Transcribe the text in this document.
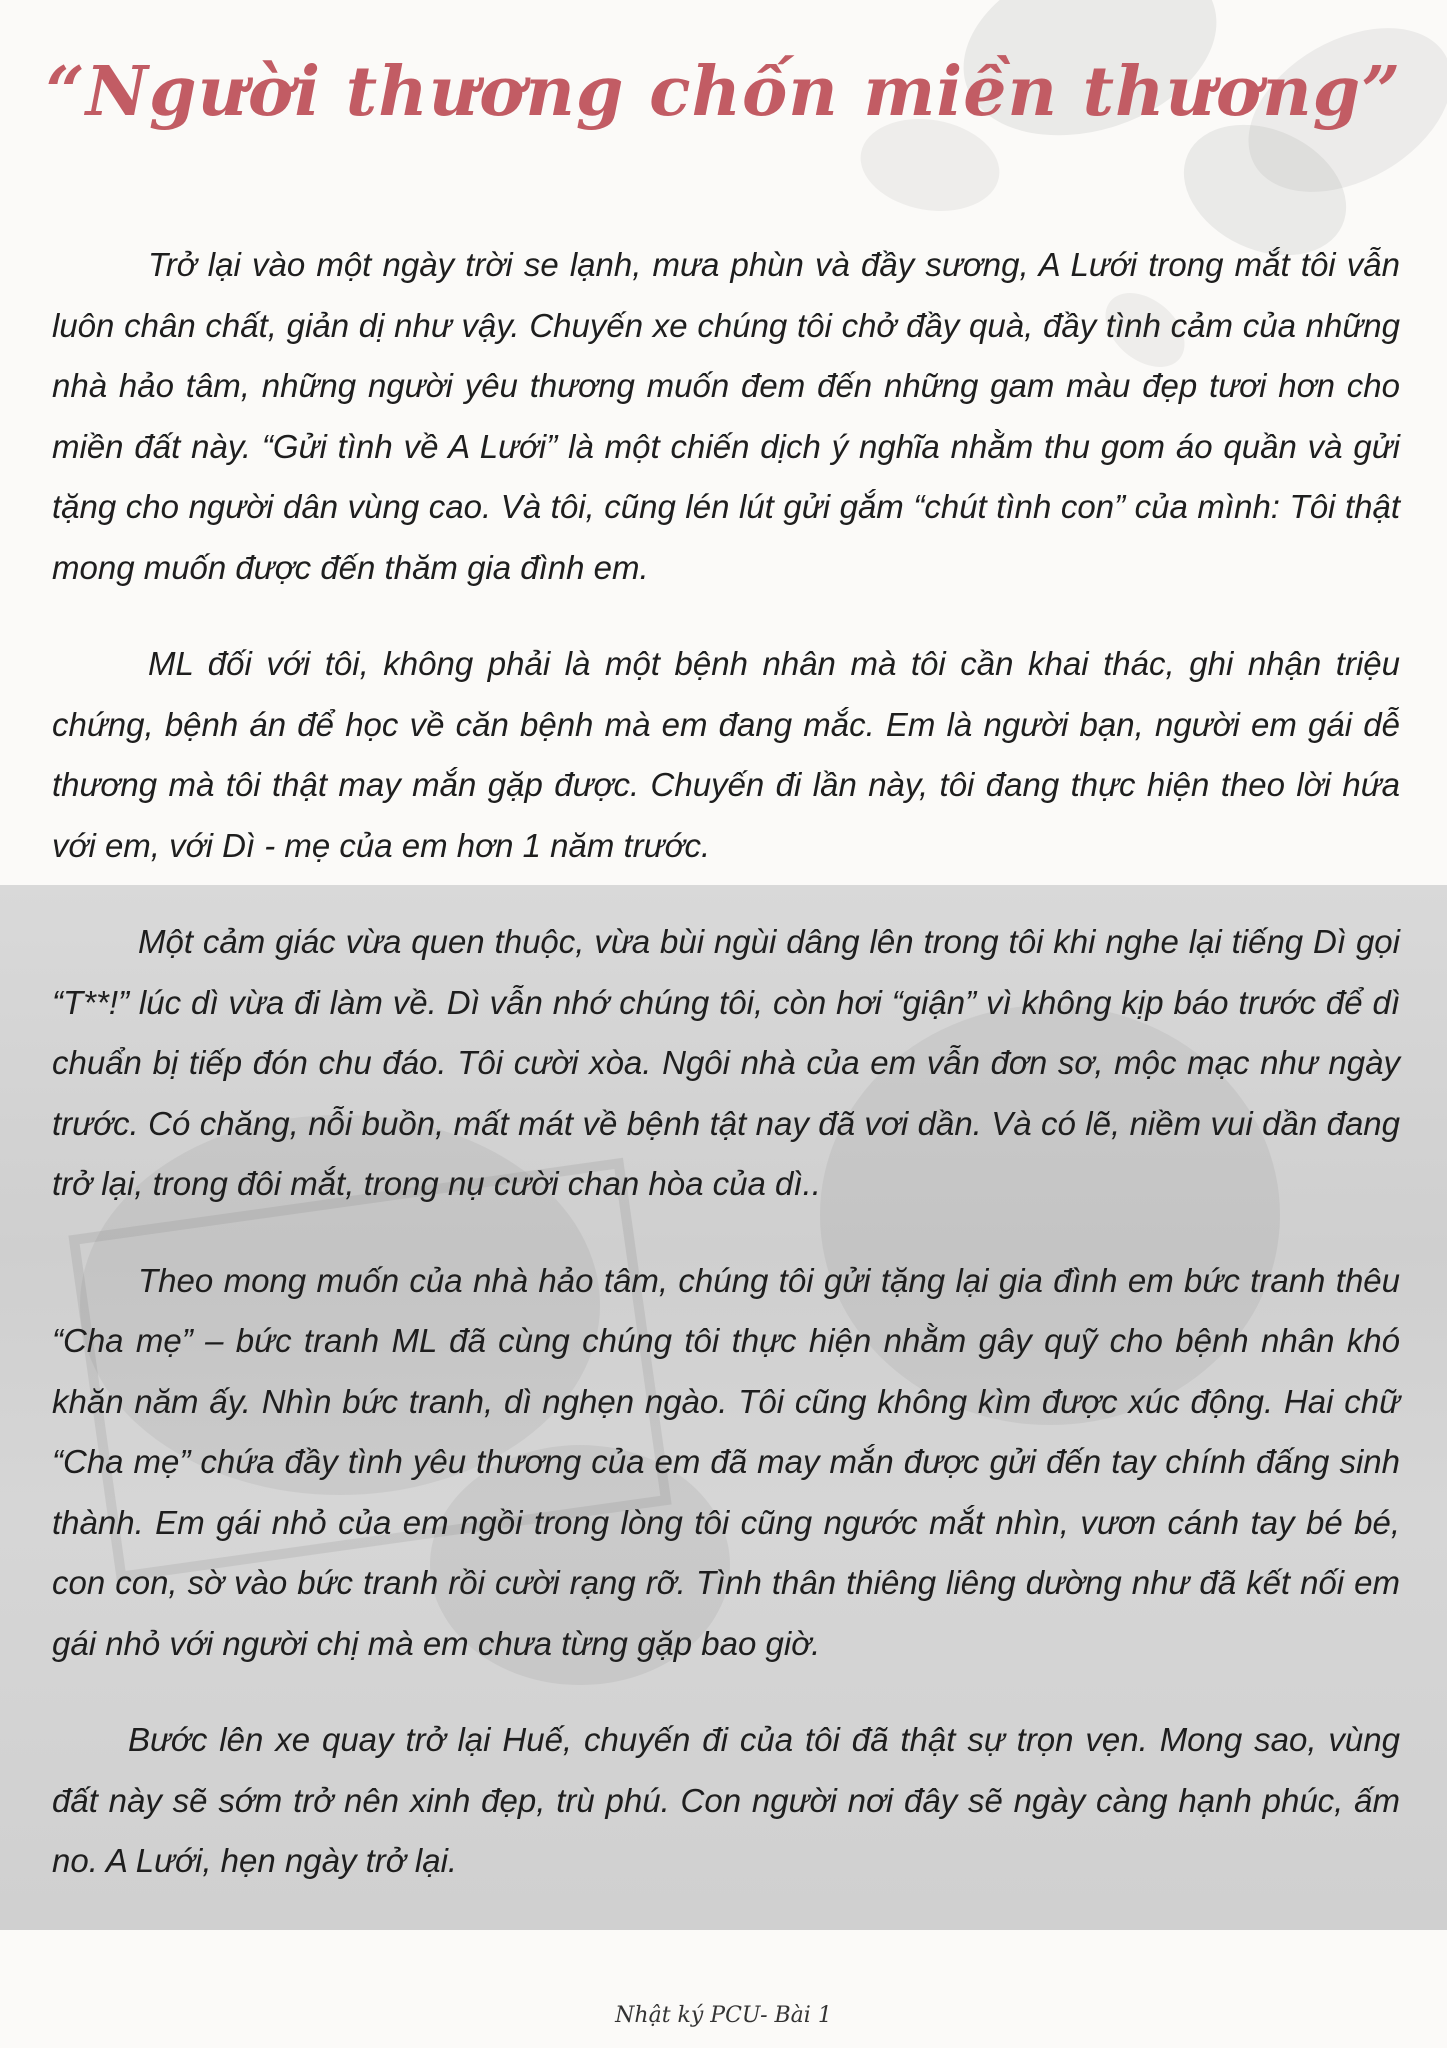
“Người thương chốn miền thương”

Trở lại vào một ngày trời se lạnh, mưa phùn và đầy sương, A Lưới trong mắt tôi vẫn luôn chân chất, giản dị như vậy. Chuyến xe chúng tôi chở đầy quà, đầy tình cảm của những nhà hảo tâm, những người yêu thương muốn đem đến những gam màu đẹp tươi hơn cho miền đất này. “Gửi tình về A Lưới” là một chiến dịch ý nghĩa nhằm thu gom áo quần và gửi tặng cho người dân vùng cao. Và tôi, cũng lén lút gửi gắm “chút tình con” của mình: Tôi thật mong muốn được đến thăm gia đình em.

ML đối với tôi, không phải là một bệnh nhân mà tôi cần khai thác, ghi nhận triệu chứng, bệnh án để học về căn bệnh mà em đang mắc. Em là người bạn, người em gái dễ thương mà tôi thật may mắn gặp được. Chuyến đi lần này, tôi đang thực hiện theo lời hứa với em, với Dì - mẹ của em hơn 1 năm trước.

Một cảm giác vừa quen thuộc, vừa bùi ngùi dâng lên trong tôi khi nghe lại tiếng Dì gọi “T**!” lúc dì vừa đi làm về. Dì vẫn nhớ chúng tôi, còn hơi “giận” vì không kịp báo trước để dì chuẩn bị tiếp đón chu đáo. Tôi cười xòa. Ngôi nhà của em vẫn đơn sơ, mộc mạc như ngày trước. Có chăng, nỗi buồn, mất mát về bệnh tật nay đã vơi dần. Và có lẽ, niềm vui dần đang trở lại, trong đôi mắt, trong nụ cười chan hòa của dì..

Theo mong muốn của nhà hảo tâm, chúng tôi gửi tặng lại gia đình em bức tranh thêu “Cha mẹ” – bức tranh ML đã cùng chúng tôi thực hiện nhằm gây quỹ cho bệnh nhân khó khăn năm ấy. Nhìn bức tranh, dì nghẹn ngào. Tôi cũng không kìm được xúc động. Hai chữ “Cha mẹ” chứa đầy tình yêu thương của em đã may mắn được gửi đến tay chính đấng sinh thành. Em gái nhỏ của em ngồi trong lòng tôi cũng ngước mắt nhìn, vươn cánh tay bé bé, con con, sờ vào bức tranh rồi cười rạng rỡ. Tình thân thiêng liêng dường như đã kết nối em gái nhỏ với người chị mà em chưa từng gặp bao giờ.

Bước lên xe quay trở lại Huế, chuyến đi của tôi đã thật sự trọn vẹn. Mong sao, vùng đất này sẽ sớm trở nên xinh đẹp, trù phú. Con người nơi đây sẽ ngày càng hạnh phúc, ấm no. A Lưới, hẹn ngày trở lại.

Nhật ký PCU- Bài 1
